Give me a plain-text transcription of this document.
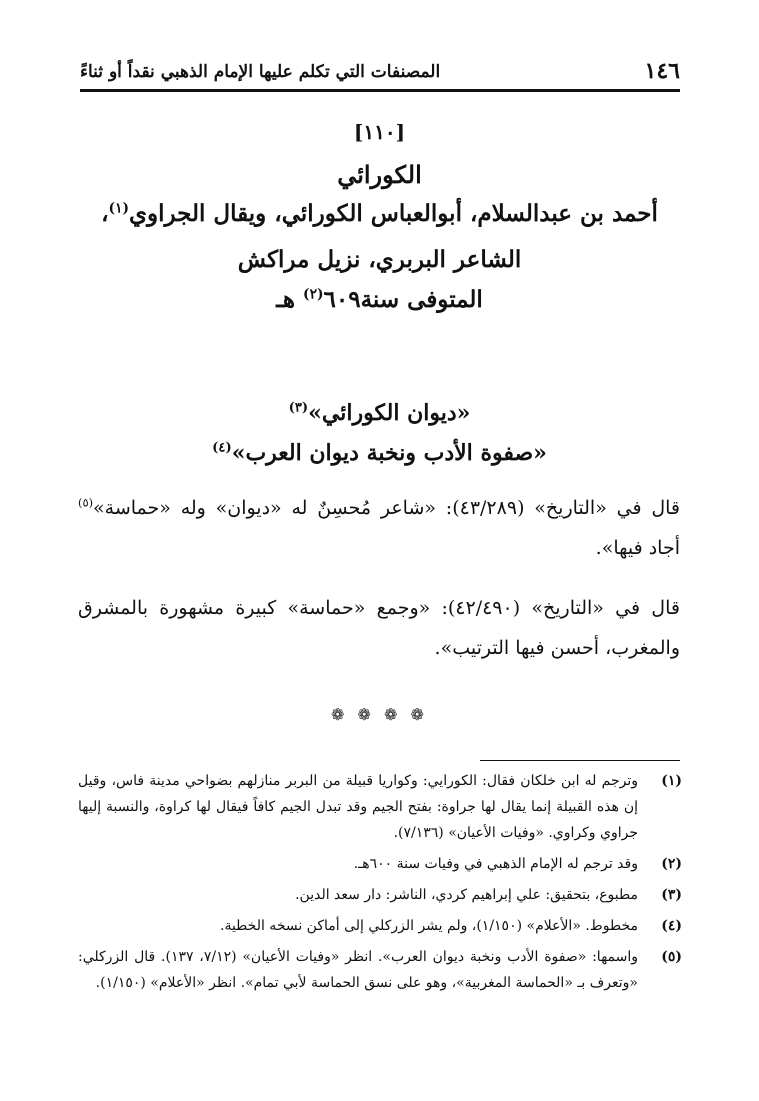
١٤٦
المصنفات التي تكلم عليها الإمام الذهبي نقداً أو ثناءً
[١١٠]
الكورائي
أحمد بن عبدالسلام، أبوالعباس الكورائي، ويقال الجراوي$^{(١)}$،
الشاعر البربري، نزيل مراكش
المتوفى سنة٦٠٩$^{(٢)}$ هـ
«ديوان الكورائي»$^{(٣)}$
«صفوة الأدب ونخبة ديوان العرب»$^{(٤)}$

قال في «التاريخ» (٤٣/٢٨٩): «شاعر مُحسِنٌ له «ديوان» وله «حماسة»$^{(٥)}$ أجاد فيها».

قال في «التاريخ» (٤٢/٤٩٠): «وجمع «حماسة» كبيرة مشهورة بالمشرق والمغرب، أحسن فيها الترتيب».

❁ ❁ ❁ ❁
(١)
وترجم له ابن خلكان فقال: الكورايي: وكواريا قبيلة من البربر منازلهم بضواحي مدينة فاس، وقيل إن هذه القبيلة إنما يقال لها جراوة: بفتح الجيم وقد تبدل الجيم كافاً فيقال لها كراوة، والنسبة إليها جراوي وكراوي. «وفيات الأعيان» (٧/١٣٦).
(٢)
وقد ترجم له الإمام الذهبي في وفيات سنة ٦٠٠هـ.
(٣)
مطبوع، بتحقيق: علي إبراهيم كردي، الناشر: دار سعد الدين.
(٤)
مخطوط. «الأعلام» (١/١٥٠)، ولم يشر الزركلي إلى أماكن نسخه الخطية.
(٥)
واسمها: «صفوة الأدب ونخبة ديوان العرب». انظر «وفيات الأعيان» (٧/١٢، ١٣٧). قال الزركلي: «وتعرف بـ «الحماسة المغربية»، وهو على نسق الحماسة لأبي تمام». انظر «الأعلام» (١/١٥٠).
